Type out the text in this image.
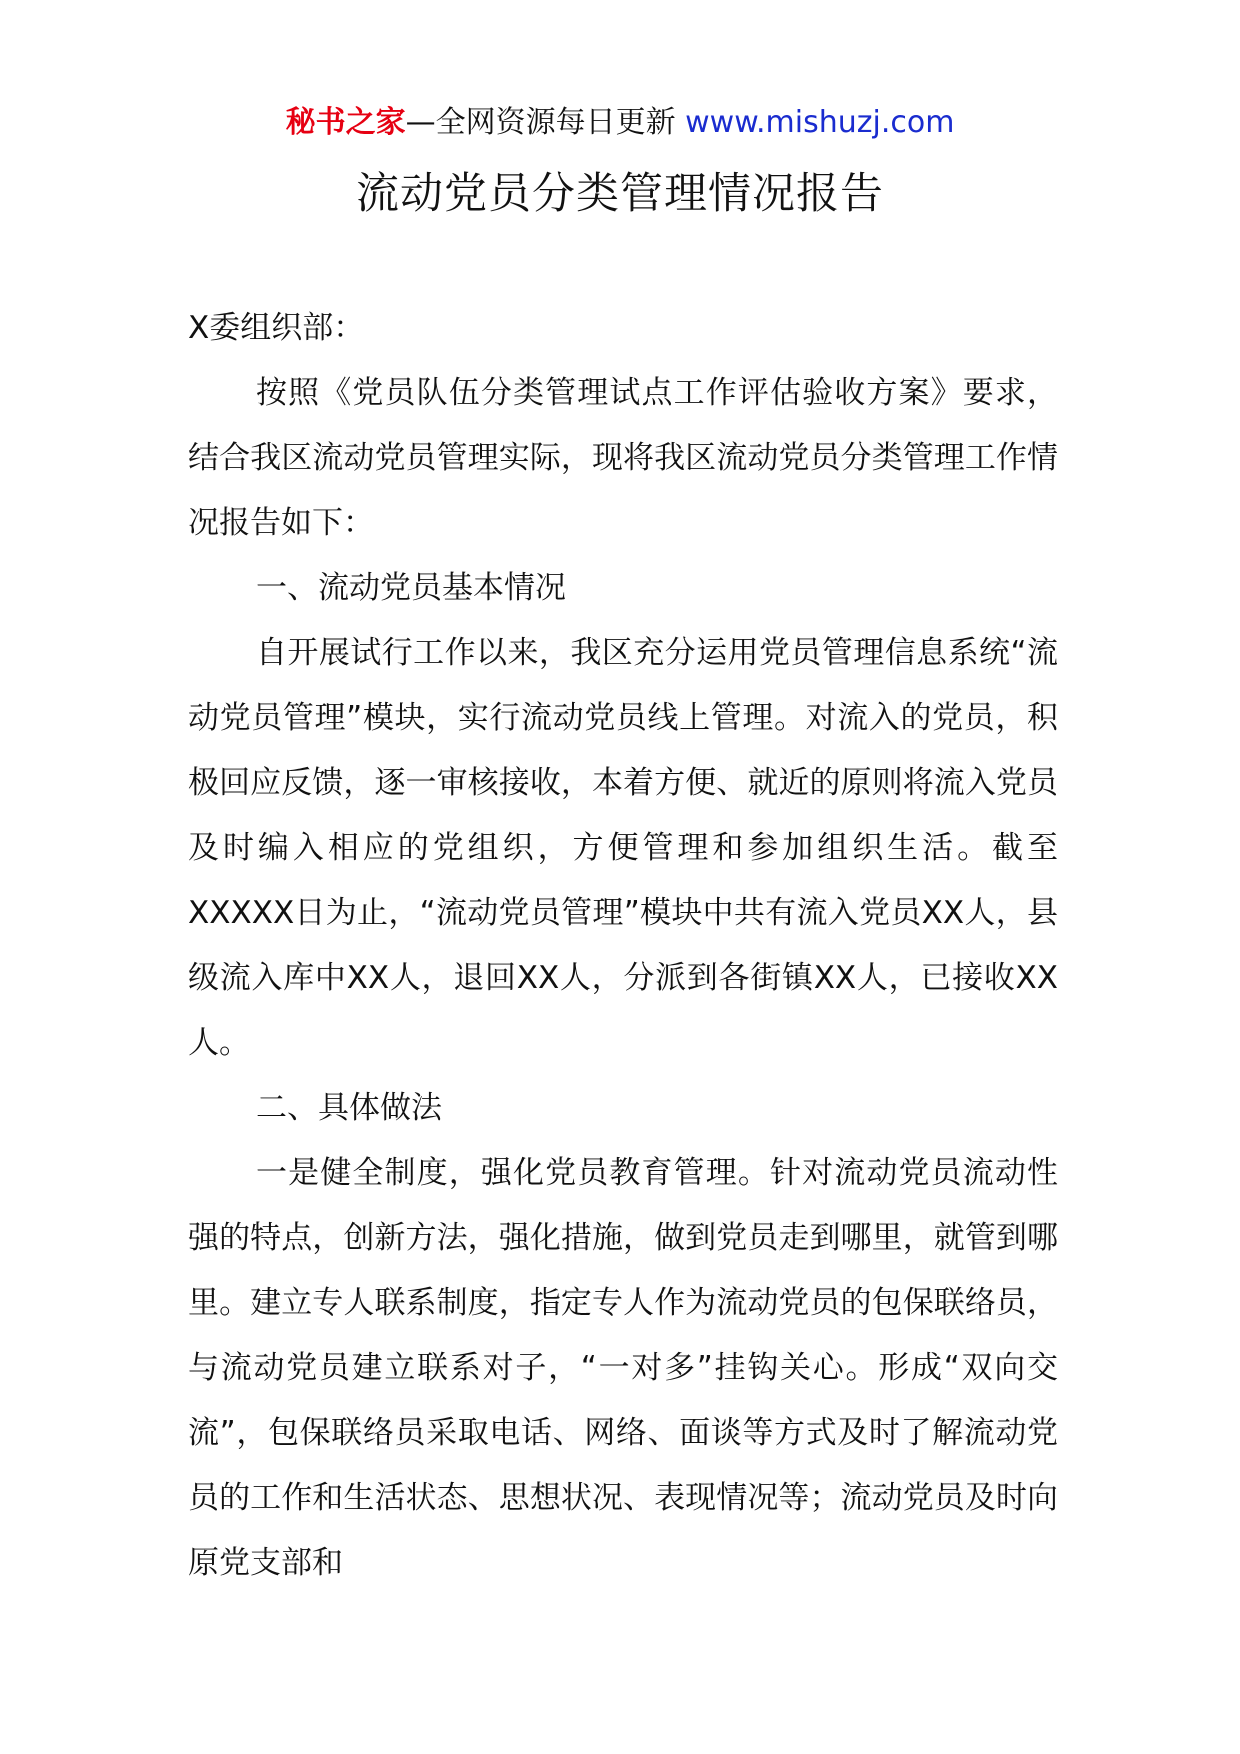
秘书之家—全网资源每日更新 www.mishuzj.com
流动党员分类管理情况报告

X委组织部：

按照《党员队伍分类管理试点工作评估验收方案》要求，结合我区流动党员管理实际，现将我区流动党员分类管理工作情况报告如下：

一、流动党员基本情况

自开展试行工作以来，我区充分运用党员管理信息系统“流动党员管理”模块，实行流动党员线上管理。对流入的党员，积极回应反馈，逐一审核接收，本着方便、就近的原则将流入党员及时编入相应的党组织，方便管理和参加组织生活。截至XXXXX日为止，“流动党员管理”模块中共有流入党员XX人，县级流入库中XX人，退回XX人，分派到各街镇XX人，已接收XX人。

二、具体做法

一是健全制度，强化党员教育管理。针对流动党员流动性强的特点，创新方法，强化措施，做到党员走到哪里，就管到哪里。建立专人联系制度，指定专人作为流动党员的包保联络员，与流动党员建立联系对子，“一对多”挂钩关心。形成“双向交流”，包保联络员采取电话、网络、面谈等方式及时了解流动党员的工作和生活状态、思想状况、表现情况等；流动党员及时向原党支部和
